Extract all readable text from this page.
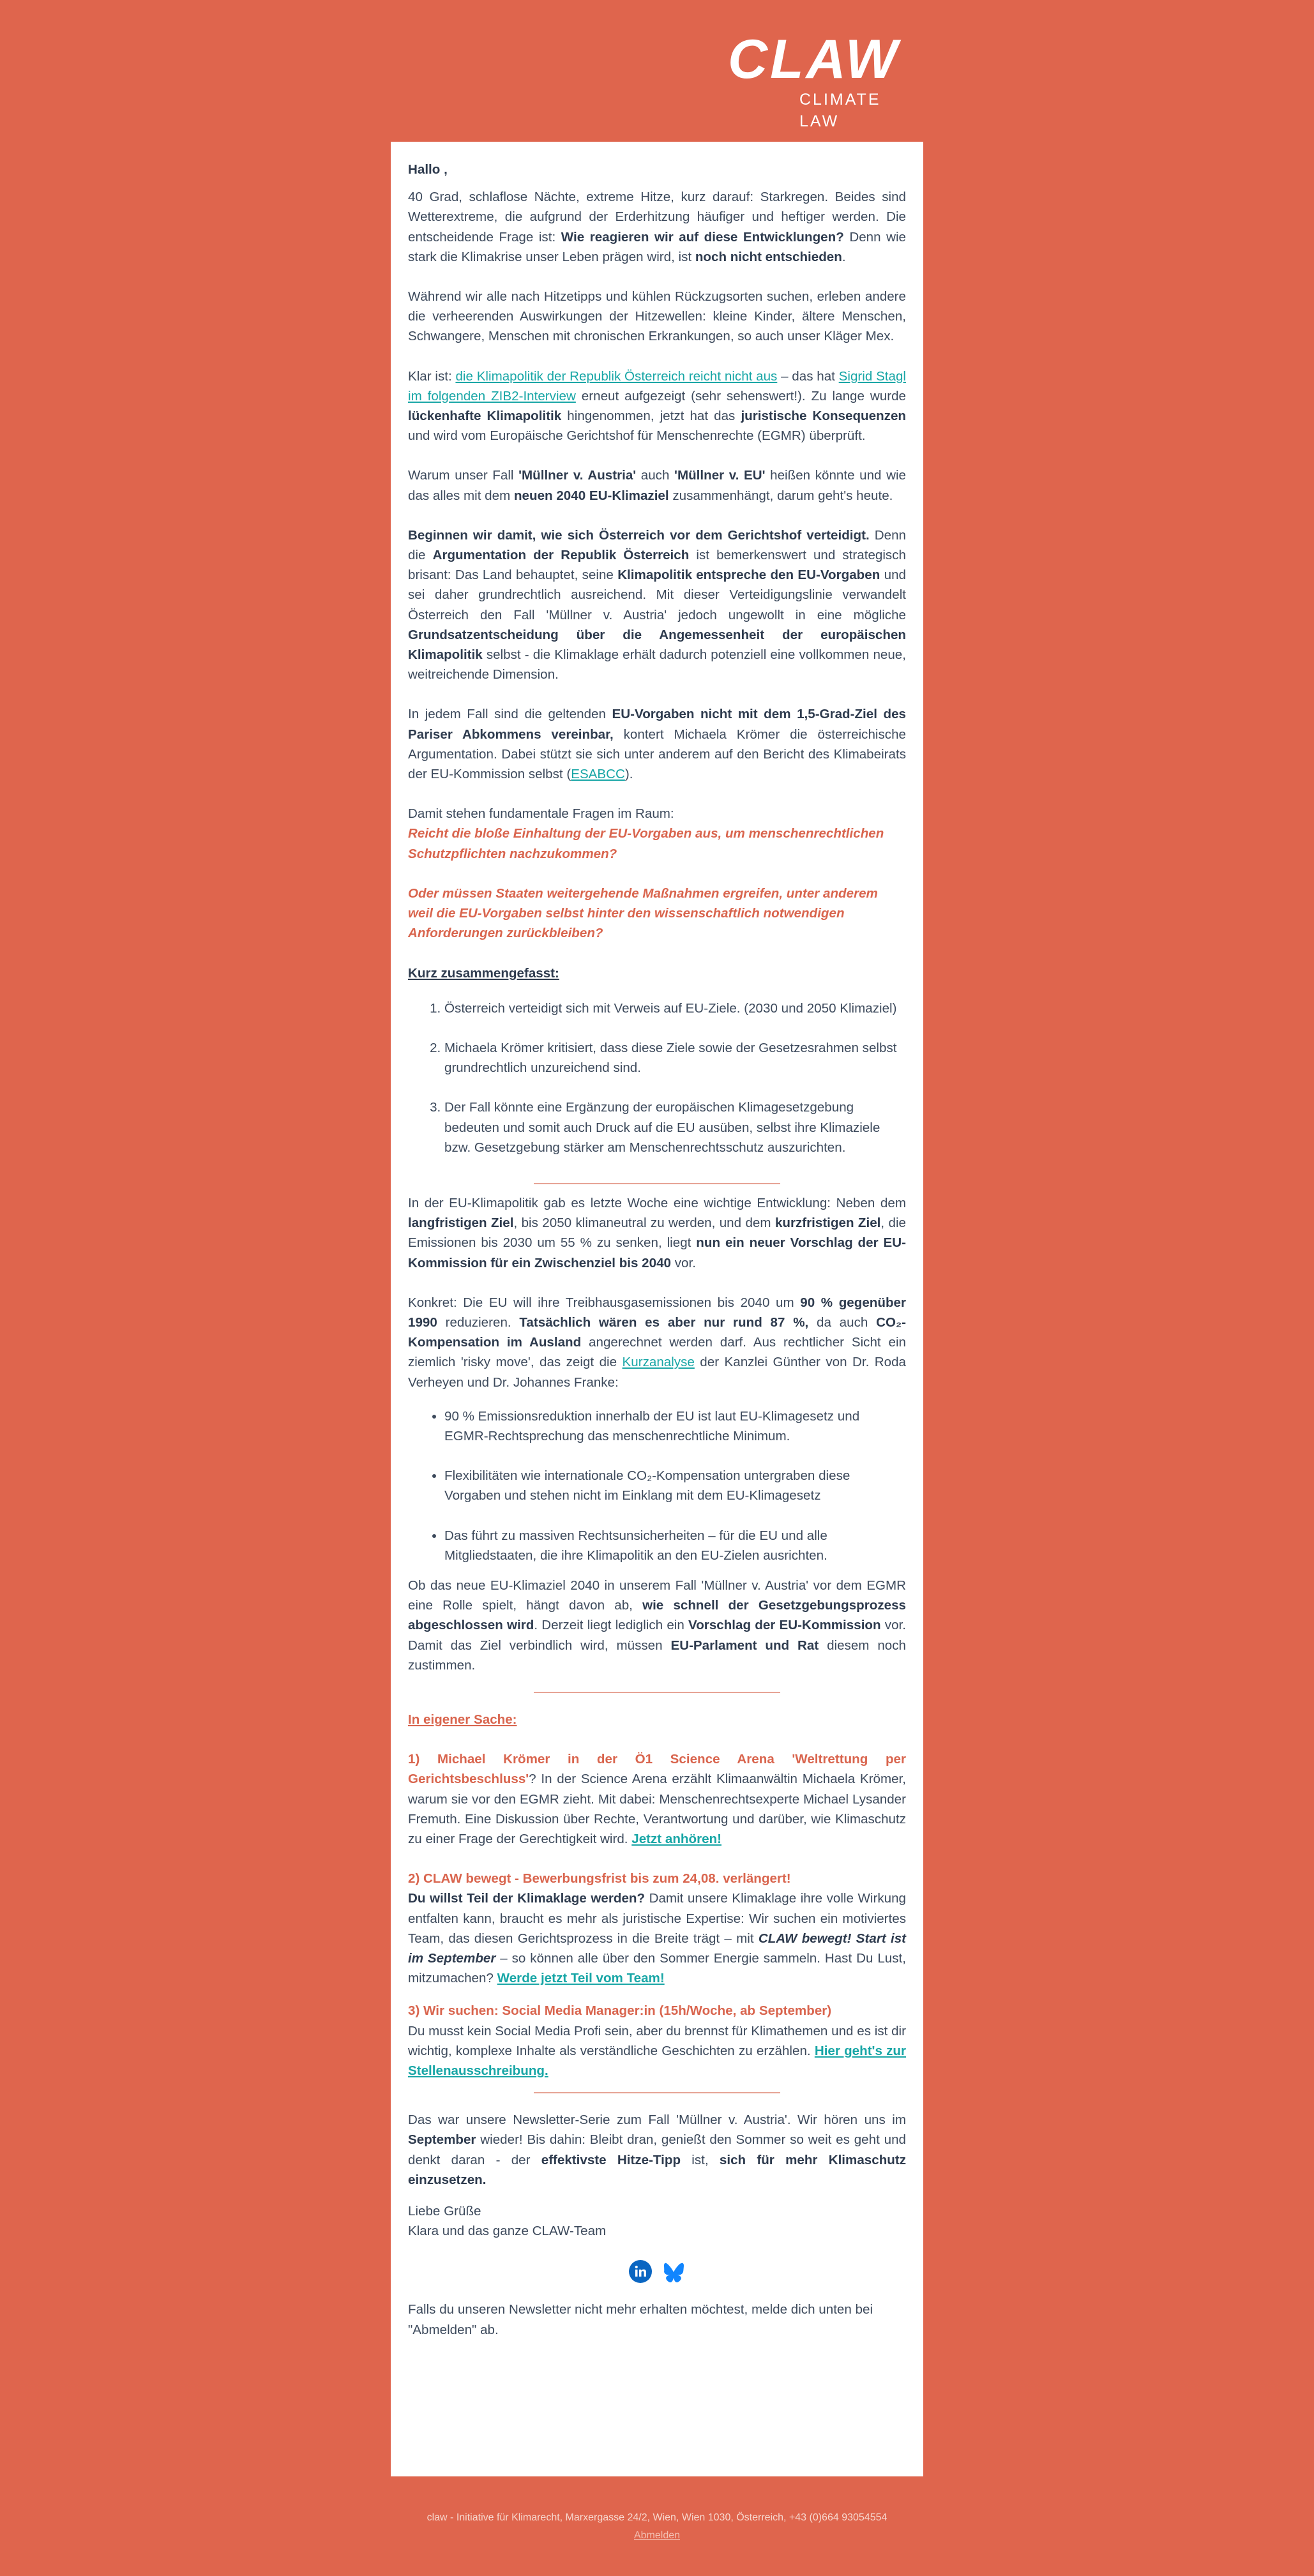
CLAW
CLIMATE
LAW

Hallo ,

40 Grad, schlaflose Nächte, extreme Hitze, kurz darauf: Starkregen. Beides sind Wetterextreme, die aufgrund der Erderhitzung häufiger und heftiger werden. Die entscheidende Frage ist: Wie reagieren wir auf diese Entwicklungen? Denn wie stark die Klimakrise unser Leben prägen wird, ist noch nicht entschieden.

Während wir alle nach Hitzetipps und kühlen Rückzugsorten suchen, erleben andere die verheerenden Auswirkungen der Hitzewellen: kleine Kinder, ältere Menschen, Schwangere, Menschen mit chronischen Erkrankungen, so auch unser Kläger Mex.

Klar ist: die Klimapolitik der Republik Österreich reicht nicht aus – das hat Sigrid Stagl im folgenden ZIB2-Interview erneut aufgezeigt (sehr sehenswert!). Zu lange wurde lückenhafte Klimapolitik hingenommen, jetzt hat das juristische Konsequenzen und wird vom Europäische Gerichtshof für Menschenrechte (EGMR) überprüft.

Warum unser Fall 'Müllner v. Austria' auch 'Müllner v. EU' heißen könnte und wie das alles mit dem neuen 2040 EU-Klimaziel zusammenhängt, darum geht's heute.

Beginnen wir damit, wie sich Österreich vor dem Gerichtshof verteidigt. Denn die Argumentation der Republik Österreich ist bemerkenswert und strategisch brisant: Das Land behauptet, seine Klimapolitik entspreche den EU-Vorgaben und sei daher grundrechtlich ausreichend. Mit dieser Verteidigungslinie verwandelt Österreich den Fall 'Müllner v. Austria' jedoch ungewollt in eine mögliche Grundsatzentscheidung über die Angemessenheit der europäischen Klimapolitik selbst - die Klimaklage erhält dadurch potenziell eine vollkommen neue, weitreichende Dimension.

In jedem Fall sind die geltenden EU-Vorgaben nicht mit dem 1,5-Grad-Ziel des Pariser Abkommens vereinbar, kontert Michaela Krömer die österreichische Argumentation. Dabei stützt sie sich unter anderem auf den Bericht des Klimabeirats der EU-Kommission selbst (ESABCC).

Damit stehen fundamentale Fragen im Raum:

Reicht die bloße Einhaltung der EU-Vorgaben aus, um menschenrechtlichen Schutzpflichten nachzukommen?

Oder müssen Staaten weitergehende Maßnahmen ergreifen, unter anderem weil die EU-Vorgaben selbst hinter den wissenschaftlich notwendigen Anforderungen zurückbleiben?

Kurz zusammengefasst:

1. Österreich verteidigt sich mit Verweis auf EU-Ziele. (2030 und 2050 Klimaziel)
2. Michaela Krömer kritisiert, dass diese Ziele sowie der Gesetzesrahmen selbst grundrechtlich unzureichend sind.
3. Der Fall könnte eine Ergänzung der europäischen Klimagesetzgebung bedeuten und somit auch Druck auf die EU ausüben, selbst ihre Klimaziele bzw. Gesetzgebung stärker am Menschenrechtsschutz auszurichten.

In der EU-Klimapolitik gab es letzte Woche eine wichtige Entwicklung: Neben dem langfristigen Ziel, bis 2050 klimaneutral zu werden, und dem kurzfristigen Ziel, die Emissionen bis 2030 um 55 % zu senken, liegt nun ein neuer Vorschlag der EU-Kommission für ein Zwischenziel bis 2040 vor.

Konkret: Die EU will ihre Treibhausgasemissionen bis 2040 um 90 % gegenüber 1990 reduzieren. Tatsächlich wären es aber nur rund 87 %, da auch CO₂-Kompensation im Ausland angerechnet werden darf. Aus rechtlicher Sicht ein ziemlich 'risky move', das zeigt die Kurzanalyse der Kanzlei Günther von Dr. Roda Verheyen und Dr. Johannes Franke:

• 90 % Emissionsreduktion innerhalb der EU ist laut EU-Klimagesetz und EGMR-Rechtsprechung das menschenrechtliche Minimum.
• Flexibilitäten wie internationale CO₂-Kompensation untergraben diese Vorgaben und stehen nicht im Einklang mit dem EU-Klimagesetz
• Das führt zu massiven Rechtsunsicherheiten – für die EU und alle Mitgliedstaaten, die ihre Klimapolitik an den EU-Zielen ausrichten.

Ob das neue EU-Klimaziel 2040 in unserem Fall 'Müllner v. Austria' vor dem EGMR eine Rolle spielt, hängt davon ab, wie schnell der Gesetzgebungsprozess abgeschlossen wird. Derzeit liegt lediglich ein Vorschlag der EU-Kommission vor. Damit das Ziel verbindlich wird, müssen EU-Parlament und Rat diesem noch zustimmen.

In eigener Sache:

1) Michael Krömer in der Ö1 Science Arena 'Weltrettung per Gerichtsbeschluss'? In der Science Arena erzählt Klimaanwältin Michaela Krömer, warum sie vor den EGMR zieht. Mit dabei: Menschenrechtsexperte Michael Lysander Fremuth. Eine Diskussion über Rechte, Verantwortung und darüber, wie Klimaschutz zu einer Frage der Gerechtigkeit wird. Jetzt anhören!

2) CLAW bewegt - Bewerbungsfrist bis zum 24,08. verlängert!

Du willst Teil der Klimaklage werden? Damit unsere Klimaklage ihre volle Wirkung entfalten kann, braucht es mehr als juristische Expertise: Wir suchen ein motiviertes Team, das diesen Gerichtsprozess in die Breite trägt – mit CLAW bewegt! Start ist im September – so können alle über den Sommer Energie sammeln. Hast Du Lust, mitzumachen? Werde jetzt Teil vom Team!

3) Wir suchen: Social Media Manager:in (15h/Woche, ab September)

Du musst kein Social Media Profi sein, aber du brennst für Klimathemen und es ist dir wichtig, komplexe Inhalte als verständliche Geschichten zu erzählen. Hier geht's zur Stellenausschreibung.

Das war unsere Newsletter-Serie zum Fall 'Müllner v. Austria'. Wir hören uns im September wieder! Bis dahin: Bleibt dran, genießt den Sommer so weit es geht und denkt daran - der effektivste Hitze-Tipp ist, sich für mehr Klimaschutz einzusetzen.

Liebe Grüße

Klara und das ganze CLAW-Team

Falls du unseren Newsletter nicht mehr erhalten möchtest, melde dich unten bei "Abmelden" ab.

claw - Initiative für Klimarecht, Marxergasse 24/2, Wien, Wien 1030, Österreich, +43 (0)664 93054554
Abmelden
